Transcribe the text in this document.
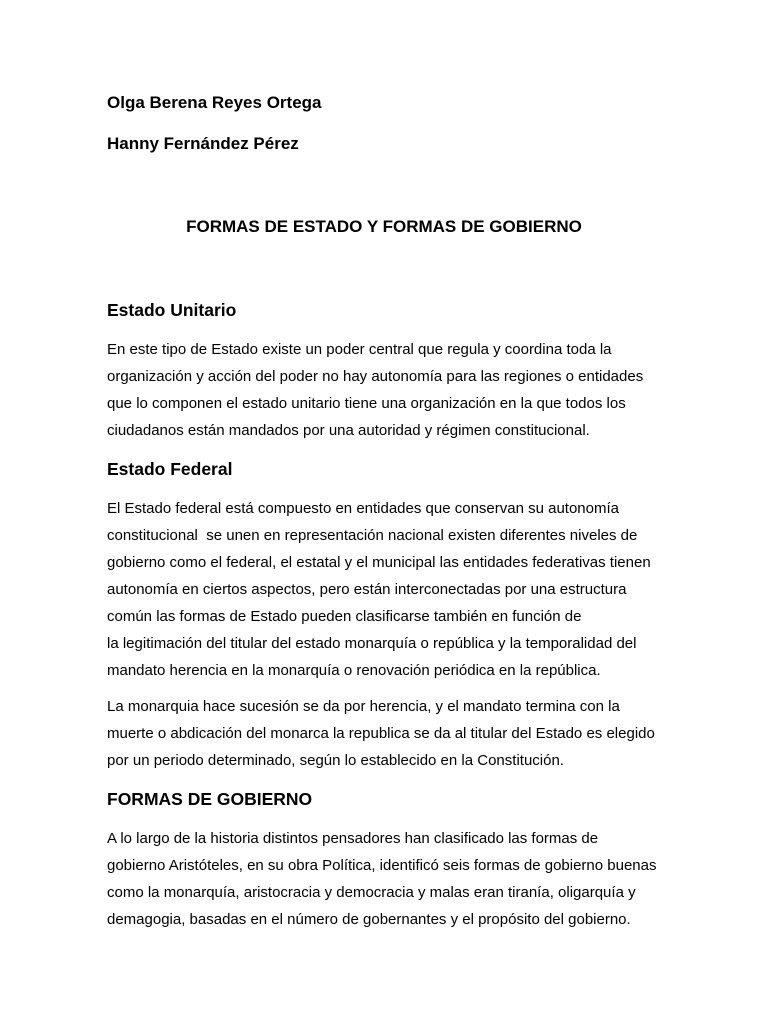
Olga Berena Reyes Ortega
Hanny Fernández Pérez
FORMAS DE ESTADO Y FORMAS DE GOBIERNO
Estado Unitario
En este tipo de Estado existe un poder central que regula y coordina toda la
organización y acción del poder no hay autonomía para las regiones o entidades
que lo componen el estado unitario tiene una organización en la que todos los
ciudadanos están mandados por una autoridad y régimen constitucional.
Estado Federal
El Estado federal está compuesto en entidades que conservan su autonomía
constitucional  se unen en representación nacional existen diferentes niveles de
gobierno como el federal, el estatal y el municipal las entidades federativas tienen
autonomía en ciertos aspectos, pero están interconectadas por una estructura
común las formas de Estado pueden clasificarse también en función de
la legitimación del titular del estado monarquía o república y la temporalidad del
mandato herencia en la monarquía o renovación periódica en la república.
La monarquia hace sucesión se da por herencia, y el mandato termina con la
muerte o abdicación del monarca la republica se da al titular del Estado es elegido
por un periodo determinado, según lo establecido en la Constitución.
FORMAS DE GOBIERNO
A lo largo de la historia distintos pensadores han clasificado las formas de
gobierno Aristóteles, en su obra Política, identificó seis formas de gobierno buenas
como la monarquía, aristocracia y democracia y malas eran tiranía, oligarquía y
demagogia, basadas en el número de gobernantes y el propósito del gobierno.
